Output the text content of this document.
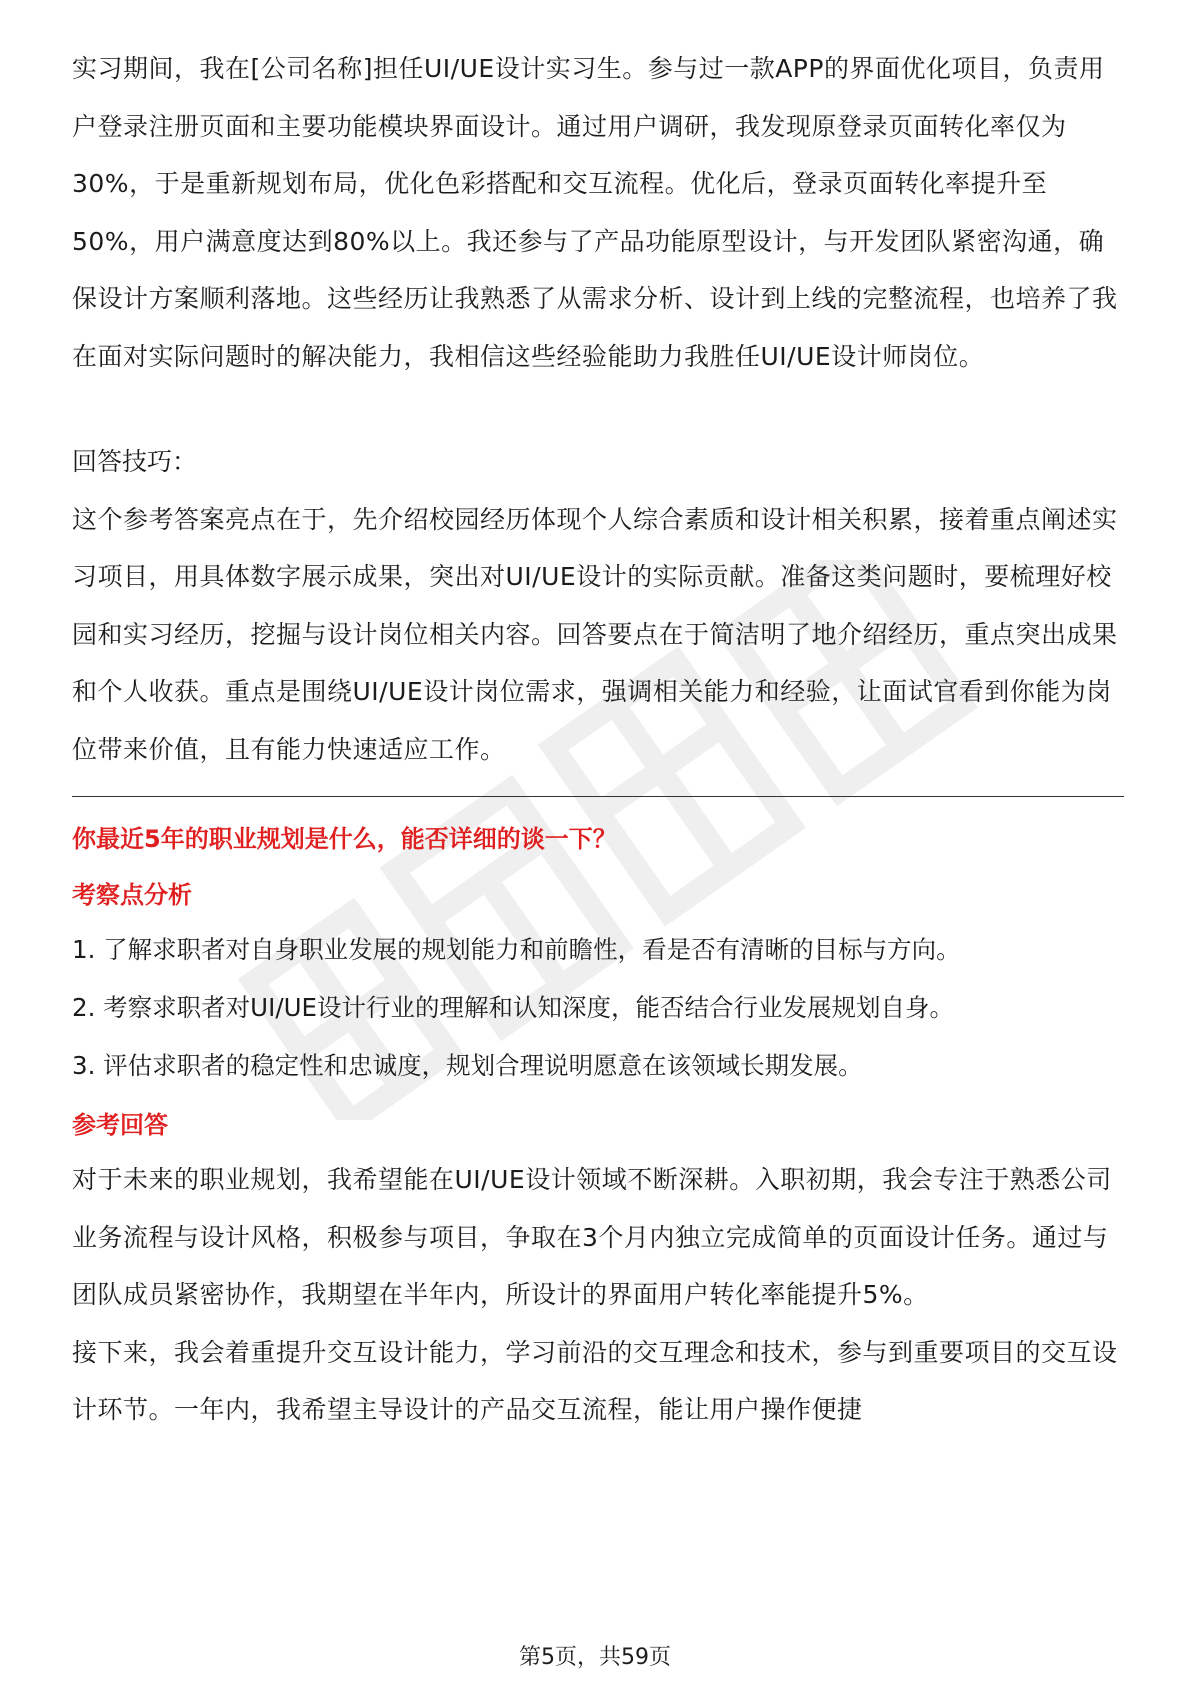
实习期间，我在[公司名称]担任UI/UE设计实习生。参与过一款APP的界面优化项目，负责用户登录注册页面和主要功能模块界面设计。通过用户调研，我发现原登录页面转化率仅为30%，于是重新规划布局，优化色彩搭配和交互流程。优化后，登录页面转化率提升至50%，用户满意度达到80%以上。我还参与了产品功能原型设计，与开发团队紧密沟通，确保设计方案顺利落地。这些经历让我熟悉了从需求分析、设计到上线的完整流程，也培养了我在面对实际问题时的解决能力，我相信这些经验能助力我胜任UI/UE设计师岗位。

回答技巧：

这个参考答案亮点在于，先介绍校园经历体现个人综合素质和设计相关积累，接着重点阐述实习项目，用具体数字展示成果，突出对UI/UE设计的实际贡献。准备这类问题时，要梳理好校园和实习经历，挖掘与设计岗位相关内容。回答要点在于简洁明了地介绍经历，重点突出成果和个人收获。重点是围绕UI/UE设计岗位需求，强调相关能力和经验，让面试官看到你能为岗位带来价值，且有能力快速适应工作。

你最近5年的职业规划是什么，能否详细的谈一下？

考察点分析

1. 了解求职者对自身职业发展的规划能力和前瞻性，看是否有清晰的目标与方向。

2. 考察求职者对UI/UE设计行业的理解和认知深度，能否结合行业发展规划自身。

3. 评估求职者的稳定性和忠诚度，规划合理说明愿意在该领域长期发展。

参考回答

对于未来的职业规划，我希望能在UI/UE设计领域不断深耕。入职初期，我会专注于熟悉公司业务流程与设计风格，积极参与项目，争取在3个月内独立完成简单的页面设计任务。通过与团队成员紧密协作，我期望在半年内，所设计的界面用户转化率能提升5%。

接下来，我会着重提升交互设计能力，学习前沿的交互理念和技术，参与到重要项目的交互设计环节。一年内，我希望主导设计的产品交互流程，能让用户操作便捷

第5页，共59页
